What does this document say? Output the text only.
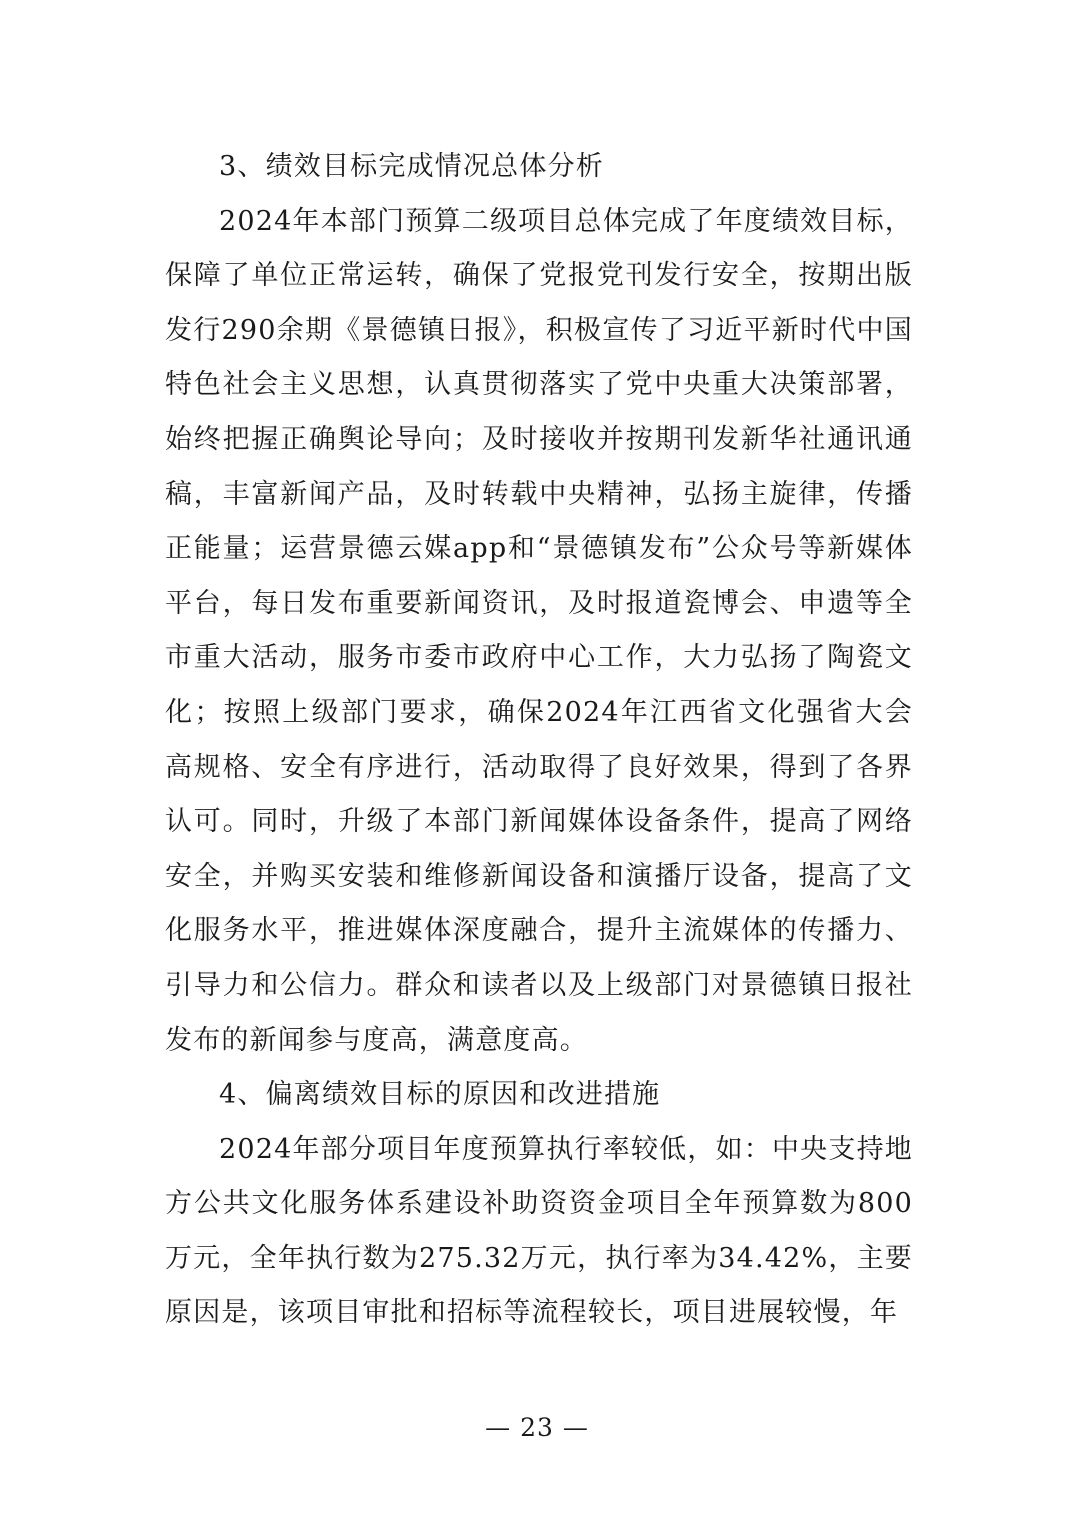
3、绩效目标完成情况总体分析

2024年本部门预算二级项目总体完成了年度绩效目标，保障了单位正常运转，确保了党报党刊发行安全，按期出版发行290余期《景德镇日报》，积极宣传了习近平新时代中国特色社会主义思想，认真贯彻落实了党中央重大决策部署，始终把握正确舆论导向；及时接收并按期刊发新华社通讯通稿，丰富新闻产品，及时转载中央精神，弘扬主旋律，传播正能量；运营景德云媒app和“景德镇发布”公众号等新媒体平台，每日发布重要新闻资讯，及时报道瓷博会、申遗等全市重大活动，服务市委市政府中心工作，大力弘扬了陶瓷文化；按照上级部门要求，确保2024年江西省文化强省大会高规格、安全有序进行，活动取得了良好效果，得到了各界认可。同时，升级了本部门新闻媒体设备条件，提高了网络安全，并购买安装和维修新闻设备和演播厅设备，提高了文化服务水平，推进媒体深度融合，提升主流媒体的传播力、引导力和公信力。群众和读者以及上级部门对景德镇日报社发布的新闻参与度高，满意度高。

4、偏离绩效目标的原因和改进措施

2024年部分项目年度预算执行率较低，如：中央支持地方公共文化服务体系建设补助资资金项目全年预算数为800万元，全年执行数为275.32万元，执行率为34.42%，主要原因是，该项目审批和招标等流程较长，项目进展较慢，年

— 23 —
